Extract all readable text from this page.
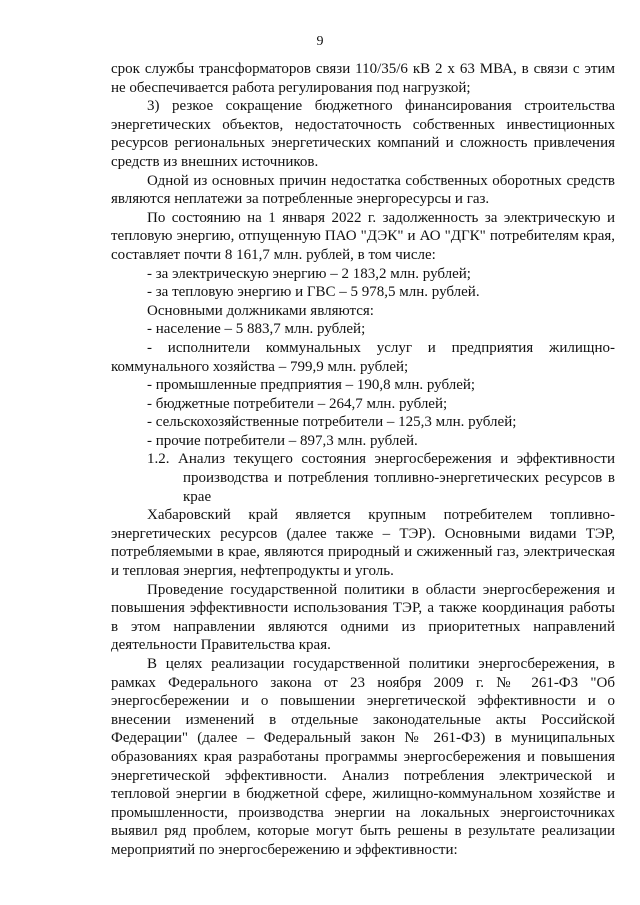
9

срок службы трансформаторов связи 110/35/6 кВ 2 х 63 МВА, в связи с этим не обеспечивается работа регулирования под нагрузкой;

3) резкое сокращение бюджетного финансирования строительства энергетических объектов, недостаточность собственных инвестиционных ресурсов региональных энергетических компаний и сложность привлечения средств из внешних источников.

Одной из основных причин недостатка собственных оборотных средств являются неплатежи за потребленные энергоресурсы и газ.

По состоянию на 1 января 2022 г. задолженность за электрическую и тепловую энергию, отпущенную ПАО "ДЭК" и АО "ДГК" потребителям края, составляет почти 8 161,7 млн. рублей, в том числе:

- за электрическую энергию – 2 183,2 млн. рублей;

- за тепловую энергию и ГВС – 5 978,5 млн. рублей.

Основными должниками являются:

- население – 5 883,7 млн. рублей;

- исполнители коммунальных услуг и предприятия жилищно-коммунального хозяйства – 799,9 млн. рублей;

- промышленные предприятия – 190,8 млн. рублей;

- бюджетные потребители – 264,7 млн. рублей;

- сельскохозяйственные потребители – 125,3 млн. рублей;

- прочие потребители – 897,3 млн. рублей.

1.2. Анализ текущего состояния энергосбережения и эффективности производства и потребления топливно-энергетических ресурсов в крае

Хабаровский край является крупным потребителем топливно-энергетических ресурсов (далее также – ТЭР). Основными видами ТЭР, потребляемыми в крае, являются природный и сжиженный газ, электрическая и тепловая энергия, нефтепродукты и уголь.

Проведение государственной политики в области энергосбережения и повышения эффективности использования ТЭР, а также координация работы в этом направлении являются одними из приоритетных направлений деятельности Правительства края.

В целях реализации государственной политики энергосбережения, в рамках Федерального закона от 23 ноября 2009 г. № 261-ФЗ "Об энергосбережении и о повышении энергетической эффективности и о внесении изменений в отдельные законодательные акты Российской Федерации" (далее – Федеральный закон № 261-ФЗ) в муниципальных образованиях края разработаны программы энергосбережения и повышения энергетической эффективности. Анализ потребления электрической и тепловой энергии в бюджетной сфере, жилищно-коммунальном хозяйстве и промышленности, производства энергии на локальных энергоисточниках выявил ряд проблем, которые могут быть решены в результате реализации мероприятий по энергосбережению и эффективности:
